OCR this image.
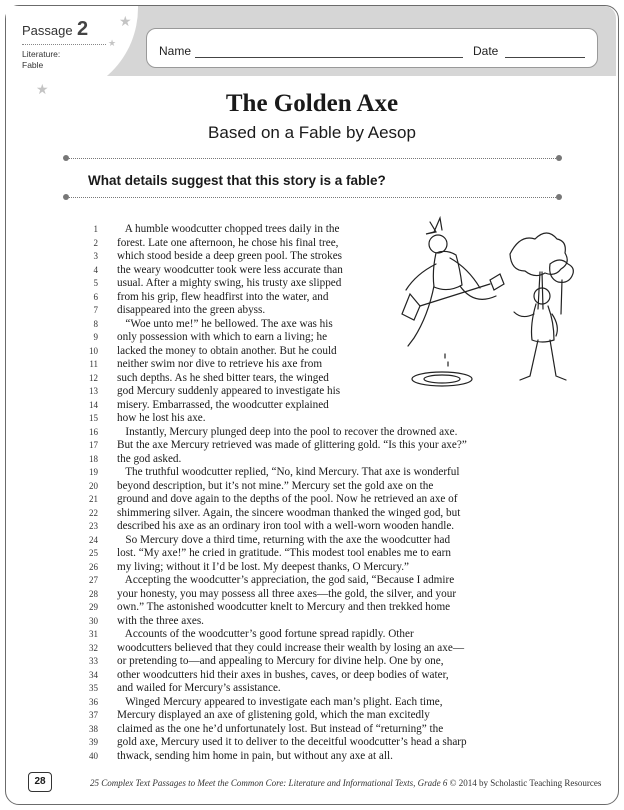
Passage 2
Literature:
Fable
★
★
★
Name	Date
The Golden Axe
Based on a Fable by Aesop
What details suggest that this story is a fable?
1 A humble woodcutter chopped trees daily in the
2 forest. Late one afternoon, he chose his final tree,
3 which stood beside a deep green pool. The strokes
4 the weary woodcutter took were less accurate than
5 usual. After a mighty swing, his trusty axe slipped
6 from his grip, flew headfirst into the water, and
7 disappeared into the green abyss.
8 “Woe unto me!” he bellowed. The axe was his
9 only possession with which to earn a living; he
10 lacked the money to obtain another. But he could
11 neither swim nor dive to retrieve his axe from
12 such depths. As he shed bitter tears, the winged
13 god Mercury suddenly appeared to investigate his
14 misery. Embarrassed, the woodcutter explained
15 how he lost his axe.
16 Instantly, Mercury plunged deep into the pool to recover the drowned axe.
17 But the axe Mercury retrieved was made of glittering gold. “Is this your axe?”
18 the god asked.
19 The truthful woodcutter replied, “No, kind Mercury. That axe is wonderful
20 beyond description, but it’s not mine.” Mercury set the gold axe on the
21 ground and dove again to the depths of the pool. Now he retrieved an axe of
22 shimmering silver. Again, the sincere woodman thanked the winged god, but
23 described his axe as an ordinary iron tool with a well-worn wooden handle.
24 So Mercury dove a third time, returning with the axe the woodcutter had
25 lost. “My axe!” he cried in gratitude. “This modest tool enables me to earn
26 my living; without it I’d be lost. My deepest thanks, O Mercury.”
27 Accepting the woodcutter’s appreciation, the god said, “Because I admire
28 your honesty, you may possess all three axes—the gold, the silver, and your
29 own.” The astonished woodcutter knelt to Mercury and then trekked home
30 with the three axes.
31 Accounts of the woodcutter’s good fortune spread rapidly. Other
32 woodcutters believed that they could increase their wealth by losing an axe—
33 or pretending to—and appealing to Mercury for divine help. One by one,
34 other woodcutters hid their axes in bushes, caves, or deep bodies of water,
35 and wailed for Mercury’s assistance.
36 Winged Mercury appeared to investigate each man’s plight. Each time,
37 Mercury displayed an axe of glistening gold, which the man excitedly
38 claimed as the one he’d unfortunately lost. But instead of “returning” the
39 gold axe, Mercury used it to deliver to the deceitful woodcutter’s head a sharp
40 thwack, sending him home in pain, but without any axe at all.
28	25 Complex Text Passages to Meet the Common Core: Literature and Informational Texts, Grade 6 © 2014 by Scholastic Teaching Resources
